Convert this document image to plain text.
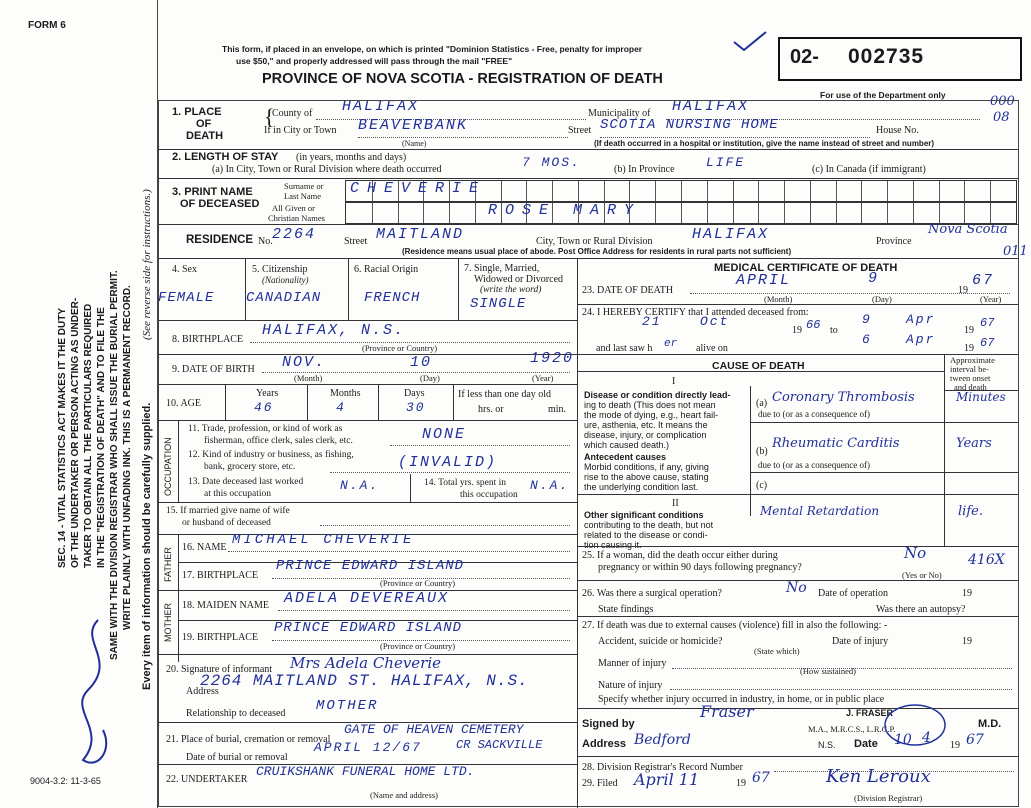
FORM 6
This form, if placed in an envelope, on which is printed "Dominion Statistics - Free, penalty for improper
use $50," and properly addressed will pass through the mail "FREE"
PROVINCE OF NOVA SCOTIA - REGISTRATION OF DEATH
02- 002735
For use of the Department only	000
08
SEC. 14 - VITAL STATISTICS ACT MAKES IT THE DUTY OF THE UNDERTAKER OR PERSON ACTING AS UNDER- TAKER TO OBTAIN ALL THE PARTICULARS REQUIRED IN THE "REGISTRATION OF DEATH" AND TO FILE THE SAME WITH THE DIVISION REGISTRAR WHO SHALL ISSUE THE BURIAL PERMIT. WRITE PLAINLY WITH UNFADING INK. THIS IS A PERMANENT RECORD.
(See reverse side for instructions.)
Every item of information should be carefully supplied.
9004-3.2: 11-3-65
1. PLACE
OF
DEATH
{
County of HALIFAX	Municipality of HALIFAX
If in City or Town BEAVERBANK
(Name)
Street SCOTIA NURSING HOME	House No.
(If death occurred in a hospital or institution, give the name instead of street and number)
2. LENGTH OF STAY (in years, months and days)
(a) In City, Town or Rural Division where death occurred	7 MOS.	(b) In Province LIFE	(c) In Canada (if immigrant)
3. PRINT NAME
OF DECEASED
Surname or
Last Name
All Given or
Christian Names
CHEVERIE
ROSE MARY
RESIDENCE No. 2264	Street MAITLAND	City, Town or Rural Division	HALIFAX	Province
Nova Scotia
(Residence means usual place of abode. Post Office Address for residents in rural parts not sufficient)	011
4. Sex
FEMALE
5. Citizenship
(Nationality)
CANADIAN
6. Racial Origin
FRENCH
7. Single, Married,
Widowed or Divorced
(write the word)
SINGLE
8. BIRTHPLACE
HALIFAX, N.S.
(Province or Country)
9. DATE OF BIRTH NOV.	10	1920
(Month)	(Day)	(Year)
10. AGE
Years	Months	Days
46	4	30
If less than one day old
hrs. or	min.
OCCUPATION
11. Trade, profession, or kind of work as
fisherman, office clerk, sales clerk, etc.	NONE
12. Kind of industry or business, as fishing,
bank, grocery store, etc.	(INVALID)
13. Date deceased last worked
at this occupation
N.A.	14. Total yrs. spent in
this occupation
N.A.
15. If married give name of wife
or husband of deceased
FATHER 16. NAME MICHAEL CHEVERIE
17. BIRTHPLACE
PRINCE EDWARD ISLAND
(Province or Country)
MOTHER 18. MAIDEN NAME ADELA DEVEREAUX
19. BIRTHPLACE
PRINCE EDWARD ISLAND
(Province or Country)
20. Signature of informant Mrs Adela Cheverie
Address
2264 MAITLAND ST. HALIFAX, N.S.
Relationship to deceased MOTHER
21. Place of burial, cremation or removal
GATE OF HEAVEN CEMETERY
Date of burial or removal
APRIL 12/67	CR SACKVILLE
22. UNDERTAKER
CRUIKSHANK FUNERAL HOME LTD.
(Name and address)
MEDICAL CERTIFICATE OF DEATH
23. DATE OF DEATH
APRIL	9
19
67
(Month)	(Day)	(Year)
24. I HEREBY CERTIFY that I attended deceased from:
21	Oct
19 66 to
9	Apr
19
67
and last saw h er alive on
6	Apr
19 67
CAUSE OF DEATH	Approximate
interval be-
tween onset
and death
I
Disease or condition directly lead-
ing to death (This does not mean
the mode of dying, e.g., heart fail-
ure, asthenia, etc. It means the
disease, injury, or complication
which caused death.)
(a) Coronary Thrombosis	Minutes
due to (or as a consequence of)
Antecedent causes
Morbid conditions, if any, giving
rise to the above cause, stating
the underlying condition last.
(b)
Rheumatic Carditis	Years
due to (or as a consequence of)
(c)
II
Other significant conditions
contributing to the death, but not
related to the disease or condi-
tion causing it.
Mental Retardation	life.
25. If a woman, did the death occur either during
pregnancy or within 90 days following pregnancy?
No
(Yes or No)
416X
26. Was there a surgical operation?	No Date of operation	19
State findings	Was there an autopsy?
27. If death was due to external causes (violence) fill in also the following: -
Accident, suicide or homicide?	Date of injury	19
(State which)
Manner of injury
(How sustained)
Nature of injury
Specify whether injury occurred in industry, in home, or in public place
Signed by
Fraser	J. FRASER
M.A., M.R.C.S., L.R.C.P.	M.D.
Address Bedford	N.S. Date 10 4 19 67
28. Division Registrar's Record Number
29. Filed April 11	19 67	Ken Leroux
(Division Registrar)
